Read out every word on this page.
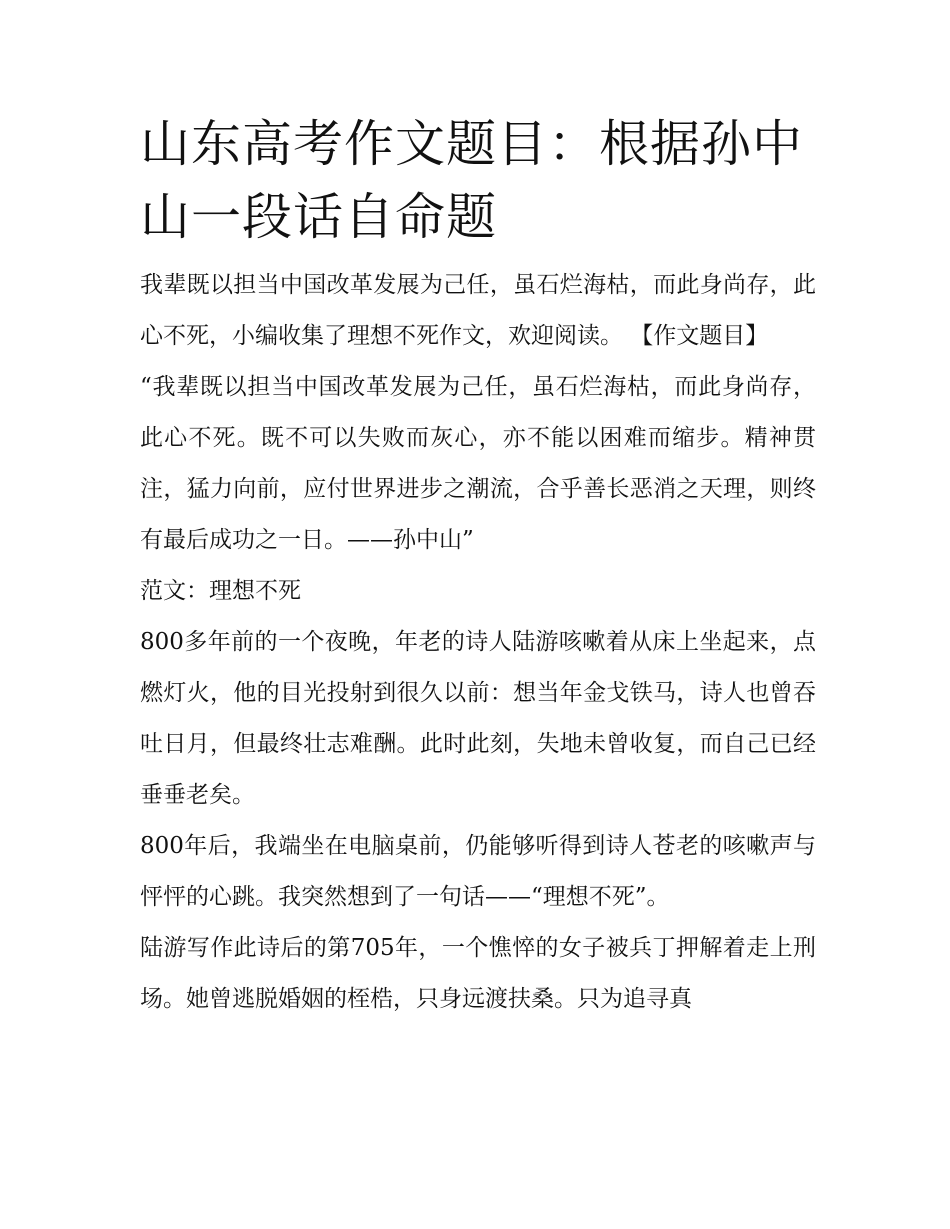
山东高考作文题目：根据孙中山一段话自命题

我辈既以担当中国改革发展为己任，虽石烂海枯，而此身尚存，此心不死，小编收集了理想不死作文，欢迎阅读。 【作文题目】

“我辈既以担当中国改革发展为己任，虽石烂海枯，而此身尚存，此心不死。既不可以失败而灰心，亦不能以困难而缩步。精神贯注，猛力向前，应付世界进步之潮流，合乎善长恶消之天理，则终有最后成功之一日。——孙中山”

范文：理想不死

800多年前的一个夜晚，年老的诗人陆游咳嗽着从床上坐起来，点燃灯火，他的目光投射到很久以前：想当年金戈铁马，诗人也曾吞吐日月，但最终壮志难酬。此时此刻，失地未曾收复，而自己已经垂垂老矣。

800年后，我端坐在电脑桌前，仍能够听得到诗人苍老的咳嗽声与怦怦的心跳。我突然想到了一句话——“理想不死”。

陆游写作此诗后的第705年，一个憔悴的女子被兵丁押解着走上刑场。她曾逃脱婚姻的桎梏，只身远渡扶桑。只为追寻真
